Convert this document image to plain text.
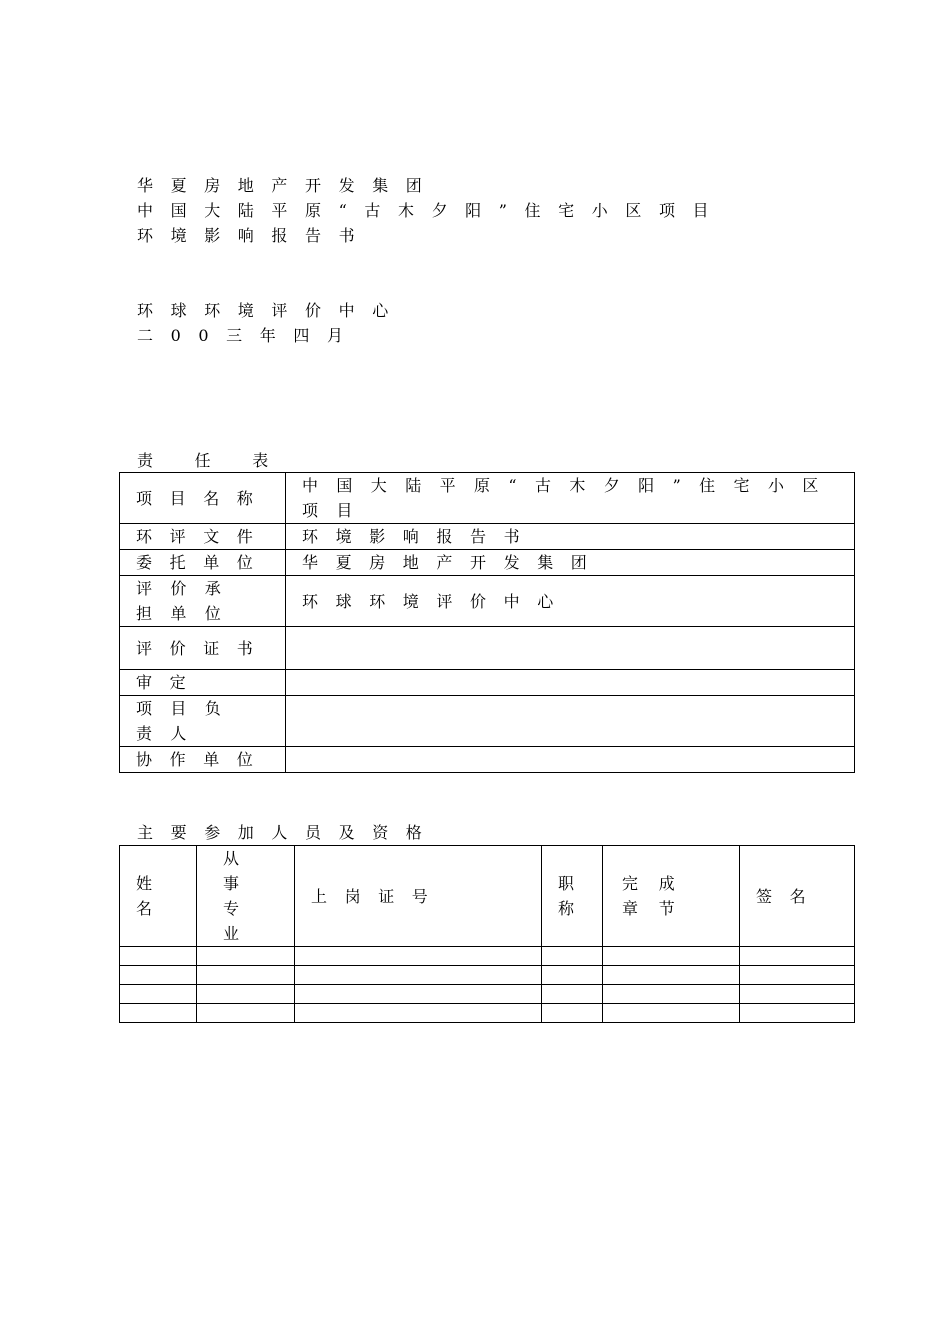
华夏房地产开发集团
中国大陆平原“古木夕阳”住宅小区项目
环境影响报告书
环球环境评价中心
二00三年四月
责任表
项目名称	中国大陆平原“古木夕阳”住宅小区项目
环评文件	环境影响报告书
委托单位	华夏房地产开发集团
评价承担单位	环球环境评价中心
评价证书	
审定	
项目负责人	
协作单位	
主要参加人员及资格
姓名	从事专业	上岗证号	职称	完成章节	签名
